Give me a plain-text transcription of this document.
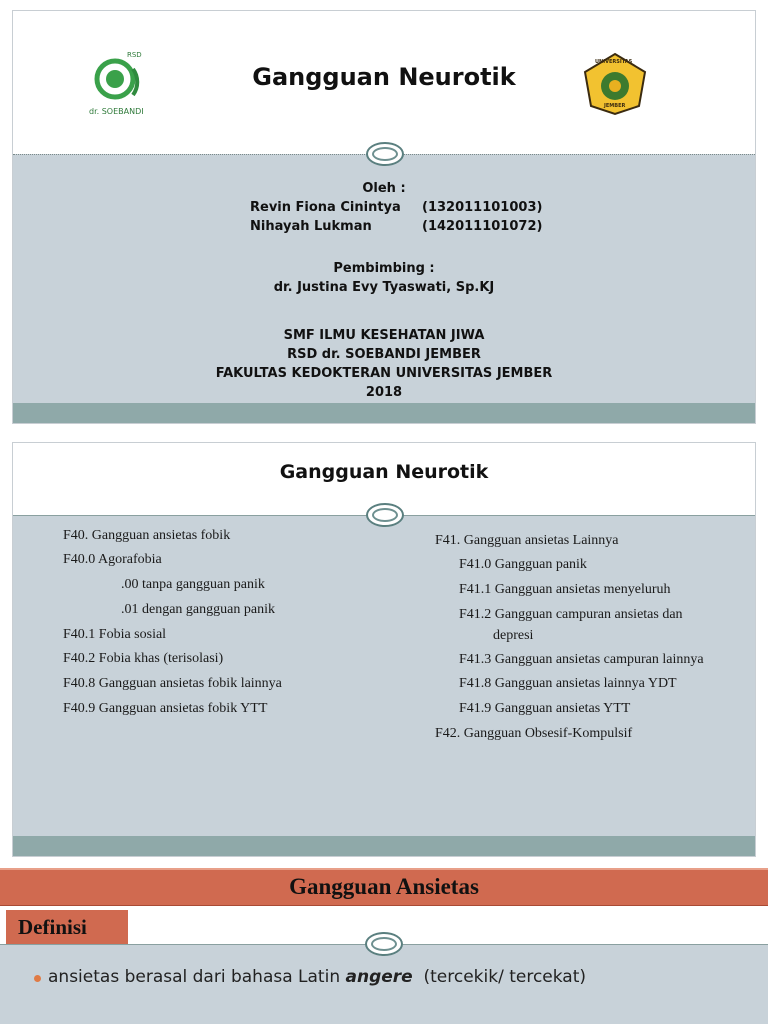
RSD
dr. SOEBANDI
Gangguan Neurotik
UNIVERSITAS
JEMBER
Oleh :
Revin Fiona Cinintya (132011101003)
Nihayah Lukman	(142011101072)
Pembimbing :
dr. Justina Evy Tyaswati, Sp.KJ
SMF ILMU KESEHATAN JIWA
RSD dr. SOEBANDI JEMBER
FAKULTAS KEDOKTERAN UNIVERSITAS JEMBER
2018
Gangguan Neurotik
F40. Gangguan ansietas fobik
F40.0 Agorafobia
.00 tanpa gangguan panik
.01 dengan gangguan panik
F40.1 Fobia sosial
F40.2 Fobia khas (terisolasi)
F40.8 Gangguan ansietas fobik lainnya
F40.9 Gangguan ansietas fobik YTT
F41. Gangguan ansietas Lainnya
F41.0 Gangguan panik
F41.1 Gangguan ansietas menyeluruh
F41.2 Gangguan campuran ansietas dan
depresi
F41.3 Gangguan ansietas campuran lainnya
F41.8 Gangguan ansietas lainnya YDT
F41.9 Gangguan ansietas YTT
F42. Gangguan Obsesif-Kompulsif
Gangguan Ansietas
Definisi
ansietas berasal dari bahasa Latin angere  (tercekik/ tercekat)
